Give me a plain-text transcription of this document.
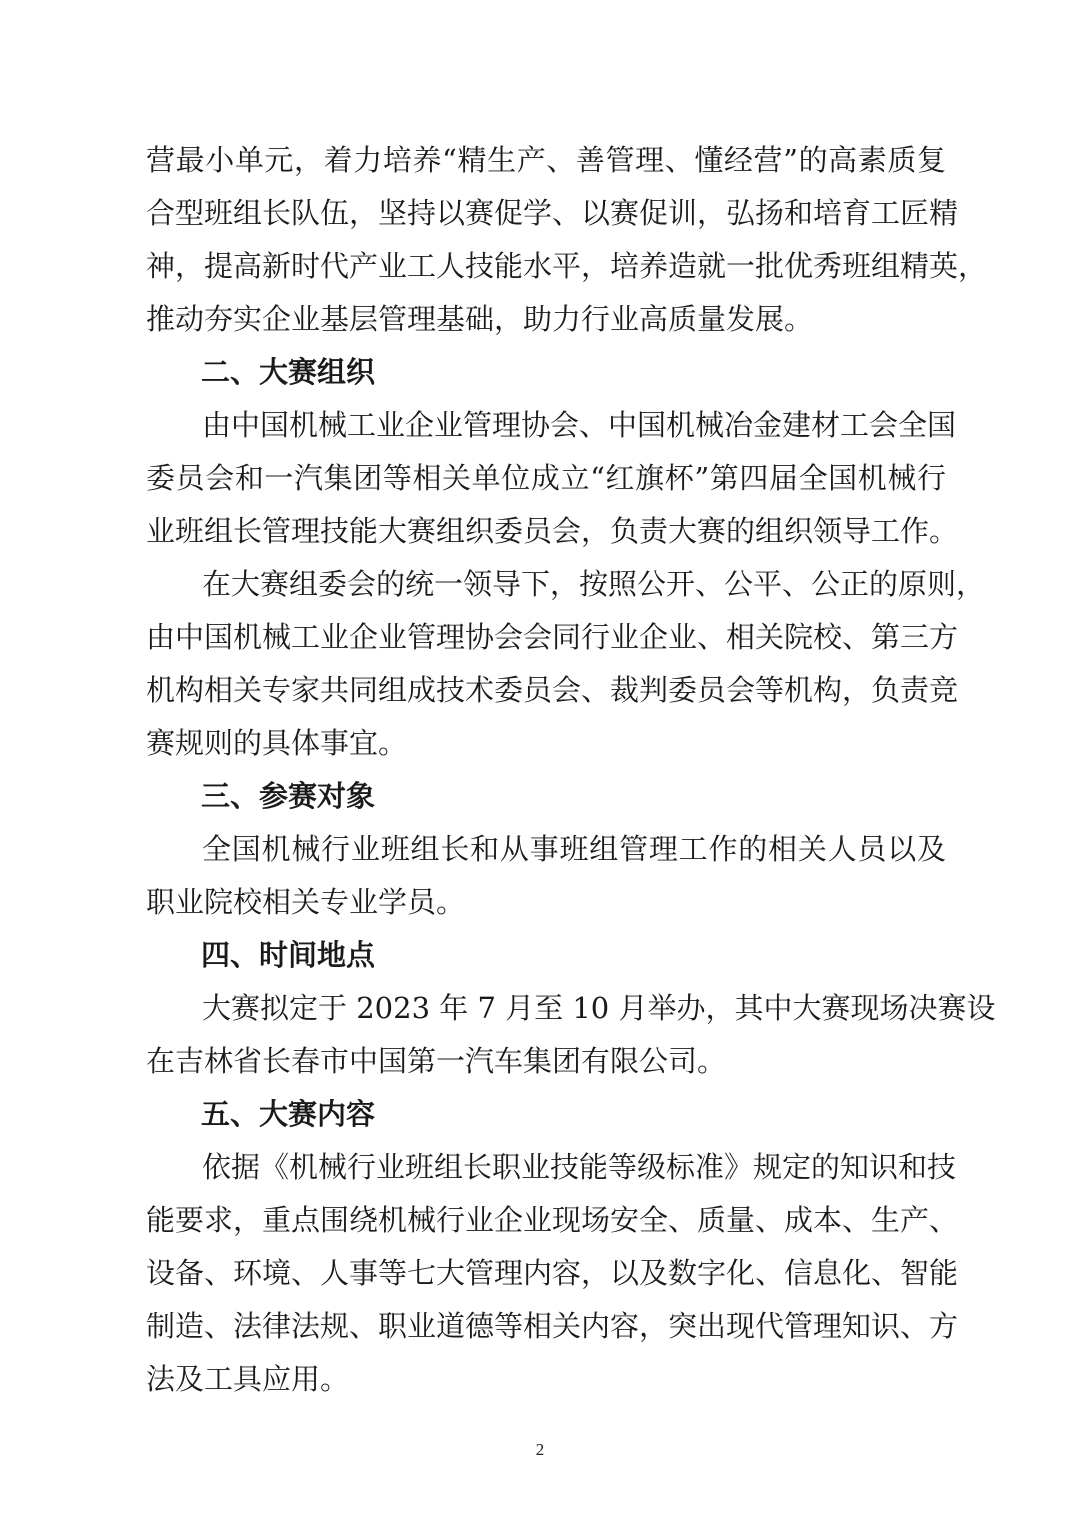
营最小单元，着力培养“精生产、善管理、懂经营”的高素质复
合型班组长队伍，坚持以赛促学、以赛促训，弘扬和培育工匠精
神，提高新时代产业工人技能水平，培养造就一批优秀班组精英，
推动夯实企业基层管理基础，助力行业高质量发展。
二、大赛组织
由中国机械工业企业管理协会、中国机械冶金建材工会全国
委员会和一汽集团等相关单位成立“红旗杯”第四届全国机械行
业班组长管理技能大赛组织委员会，负责大赛的组织领导工作。
在大赛组委会的统一领导下，按照公开、公平、公正的原则，
由中国机械工业企业管理协会会同行业企业、相关院校、第三方
机构相关专家共同组成技术委员会、裁判委员会等机构，负责竞
赛规则的具体事宜。
三、参赛对象
全国机械行业班组长和从事班组管理工作的相关人员以及
职业院校相关专业学员。
四、时间地点
大赛拟定于 2023 年 7 月至 10 月举办，其中大赛现场决赛设
在吉林省长春市中国第一汽车集团有限公司。
五、大赛内容
依据《机械行业班组长职业技能等级标准》规定的知识和技
能要求，重点围绕机械行业企业现场安全、质量、成本、生产、
设备、环境、人事等七大管理内容，以及数字化、信息化、智能
制造、法律法规、职业道德等相关内容，突出现代管理知识、方
法及工具应用。
2
